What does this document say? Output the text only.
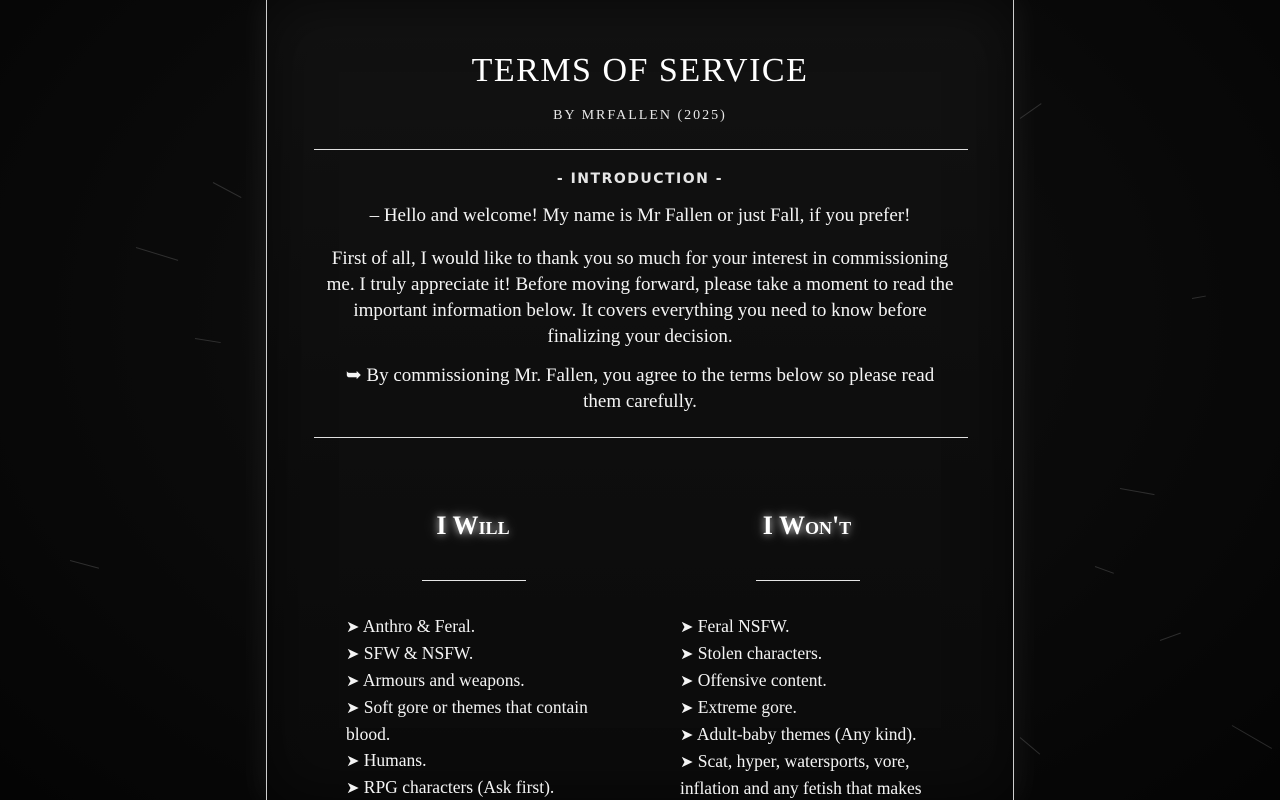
TERMS OF SERVICE
BY MRFALLEN (2025)
- INTRODUCTION -

– Hello and welcome! My name is Mr Fallen or just Fall, if you prefer!

First of all, I would like to thank you so much for your interest in commissioning me. I truly appreciate it! Before moving forward, please take a moment to read the important information below. It covers everything you need to know before finalizing your decision.

➥ By commissioning Mr. Fallen, you agree to the terms below so please read them carefully.

I Will
➤ Anthro & Feral.
➤ SFW & NSFW.
➤ Armours and weapons.
➤ Soft gore or themes that contain blood.
➤ Humans.
➤ RPG characters (Ask first).
I Won't
➤ Feral NSFW.
➤ Stolen characters.
➤ Offensive content.
➤ Extreme gore.
➤ Adult-baby themes (Any kind).
➤ Scat, hyper, watersports, vore, inflation and any fetish that makes
